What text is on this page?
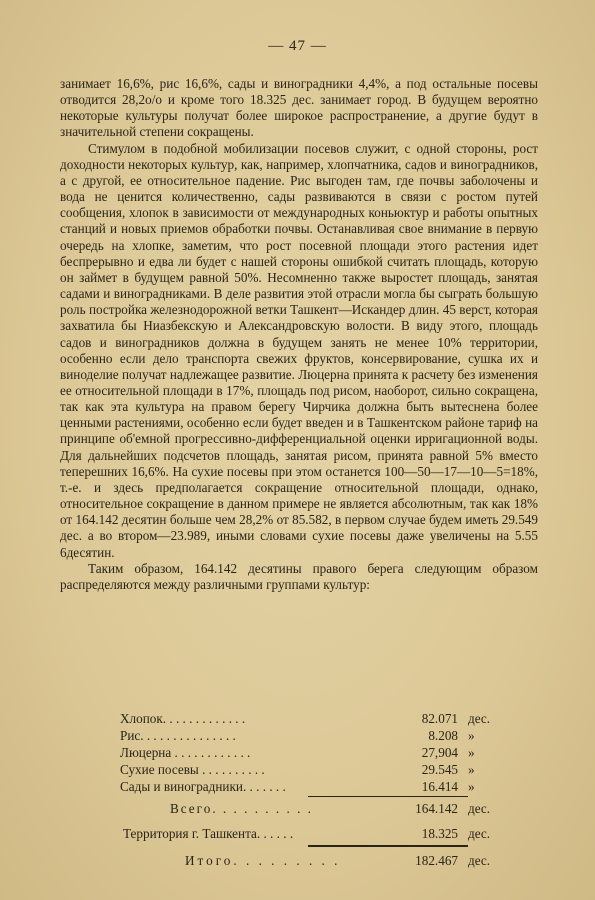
— 47 —

занимает 16,6%, рис 16,6%, сады и виноградники 4,4%, а под остальные посевы отводится 28,2о/о и кроме того 18.325 дес. занимает город. В будущем вероятно некоторые культуры получат более широкое распространение, а другие будут в значительной степени сокращены.

Стимулом в подобной мобилизации посевов служит, с одной стороны, рост доходности некоторых культур, как, например, хлопчатника, садов и виноградников, а с другой, ее относительное падение. Рис выгоден там, где почвы заболочены и вода не ценится количественно, сады развиваются в связи с ростом путей сообщения, хлопок в зависимости от международных коньюктур и работы опытных станций и новых приемов обработки почвы. Останавливая свое внимание в первую очередь на хлопке, заметим, что рост посевной площади этого растения идет беспрерывно и едва ли будет с нашей стороны ошибкой считать площадь, которую он займет в будущем равной 50%. Несомненно также выростет площадь, занятая садами и виноградниками. В деле развития этой отрасли могла бы сыграть большую роль постройка железнодорожной ветки Ташкент—Искандер длин. 45 верст, которая захватила бы Ниазбекскую и Александровскую волости. В виду этого, площадь садов и виноградников должна в будущем занять не менее 10% территории, особенно если дело транспорта свежих фруктов, консервирование, сушка их и виноделие получат надлежащее развитие. Люцерна принята к расчету без изменения ее относительной площади в 17%, площадь под рисом, наоборот, сильно сокращена, так как эта культура на правом берегу Чирчика должна быть вытеснена более ценными растениями, особенно если будет введен и в Ташкентском районе тариф на принципе об'емной прогрессивно-дифференциальной оценки ирригационной воды. Для дальнейших подсчетов площадь, занятая рисом, принята равной 5% вместо теперешних 16,6%. На сухие посевы при этом останется 100—50—17—10—5=18%, т.-е. и здесь предполагается сокращение относительной площади, однако, относительное сокращение в данном примере не является абсолютным, так как 18% от 164.142 десятин больше чем 28,2% от 85.582, в первом случае будем иметь 29.549 дес. а во втором—23.989, иными словами сухие посевы даже увеличены на 5.55 6десятин.

Таким образом, 164.142 десятины правого берега следующим образом распределяются между различными группами культур:

Хлопок. . . . . . . . . . . . .	82.071 дес.
Рис. . . . . . . . . . . . . . .	8.208 »
Люцерна . . . . . . . . . . . .	27,904 »
Сухие посевы . . . . . . . . . .	29.545 »
Сады и виноградники. . . . . . .	16.414 »
Всего. . . . . . . . . .	164.142 дес.
Территория г. Ташкента. . . . . .	18.325 дес.
Итого. . . . . . . . .	182.467 дес.
